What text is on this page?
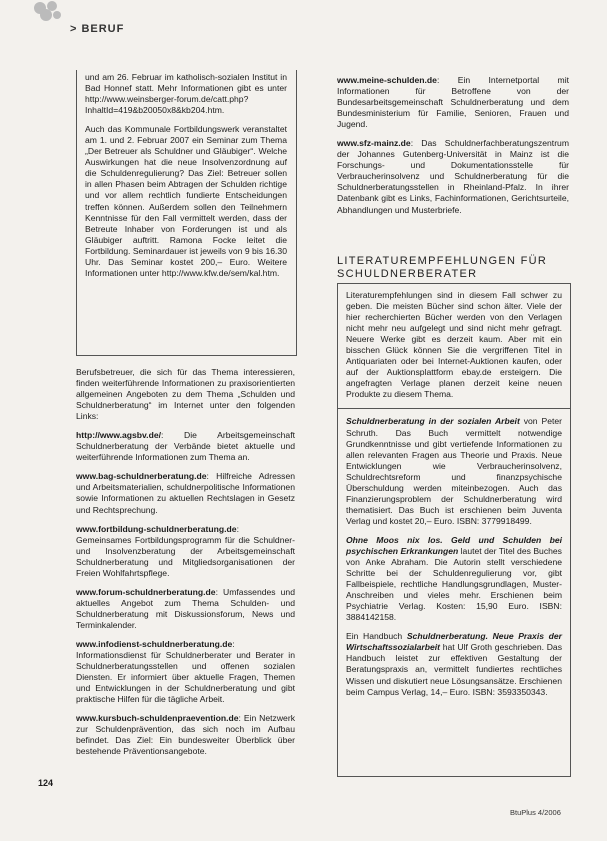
> BERUF

und am 26. Februar im katholisch-sozialen Institut in Bad Honnef statt. Mehr Informationen gibt es unter http://www.weinsberger-forum.de/catt.php?InhaltId=419&b20050x8&kb204.htm.

Auch das Kommunale Fortbildungswerk veranstaltet am 1. und 2. Februar 2007 ein Seminar zum Thema „Der Betreuer als Schuldner und Gläubiger“. Welche Auswirkungen hat die neue Insolvenzordnung auf die Schuldenregulierung? Das Ziel: Betreuer sollen in allen Phasen beim Abtragen der Schulden richtige und vor allem rechtlich fundierte Entscheidungen treffen können. Außerdem sollen den Teilnehmern Kenntnisse für den Fall vermittelt werden, dass der Betreute Inhaber von Forderungen ist und als Gläubiger auftritt. Ramona Focke leitet die Fortbildung. Seminardauer ist jeweils von 9 bis 16.30 Uhr. Das Seminar kostet 200,– Euro. Weitere Informationen unter http://www.kfw.de/sem/kal.htm.

Berufsbetreuer, die sich für das Thema interessieren, finden weiterführende Informationen zu praxisorientierten allgemeinen Angeboten zu dem Thema „Schulden und Schuldnerberatung“ im Internet unter den folgenden Links:

http://www.agsbv.de/: Die Arbeitsgemeinschaft Schuldnerberatung der Verbände bietet aktuelle und weiterführende Informationen zum Thema an.

www.bag-schuldnerberatung.de: Hilfreiche Adressen und Arbeitsmaterialien, schuldnerpolitische Informationen sowie Informationen zu aktuellen Rechtslagen in Gesetz und Rechtsprechung.

www.fortbildung-schuldnerberatung.de: Gemeinsames Fortbildungsprogramm für die Schuldner- und Insolvenzberatung der Arbeitsgemeinschaft Schuldnerberatung und Mitgliedsorganisationen der Freien Wohlfahrtspflege.

www.forum-schuldnerberatung.de: Umfassendes und aktuelles Angebot zum Thema Schulden- und Schuldnerberatung mit Diskussionsforum, News und Terminkalender.

www.infodienst-schuldnerberatung.de: Informationsdienst für Schuldnerberater und Berater in Schuldnerberatungsstellen und offenen sozialen Diensten. Er informiert über aktuelle Fragen, Themen und Entwicklungen in der Schuldnerberatung und gibt praktische Hilfen für die tägliche Arbeit.

www.kursbuch-schuldenpraevention.de: Ein Netzwerk zur Schuldenprävention, das sich noch im Aufbau befindet. Das Ziel: Ein bundesweiter Überblick über bestehende Präventionsangebote.

www.meine-schulden.de: Ein Internetportal mit Informationen für Betroffene von der Bundesarbeitsgemeinschaft Schuldnerberatung und dem Bundesministerium für Familie, Senioren, Frauen und Jugend.

www.sfz-mainz.de: Das Schuldnerfachberatungszentrum der Johannes Gutenberg-Universität in Mainz ist die Forschungs- und Dokumentationsstelle für Verbraucherinsolvenz und Schuldnerberatung für die Schuldnerberatungsstellen in Rheinland-Pfalz. In ihrer Datenbank gibt es Links, Fachinformationen, Gerichtsurteile, Abhandlungen und Musterbriefe.

LITERATUREMPFEHLUNGEN FÜR SCHULDNERBERATER

Literaturempfehlungen sind in diesem Fall schwer zu geben. Die meisten Bücher sind schon älter. Viele der hier recherchierten Bücher werden von den Verlagen nicht mehr neu aufgelegt und sind nicht mehr gefragt. Neuere Werke gibt es derzeit kaum. Aber mit ein bisschen Glück können Sie die vergriffenen Titel in Antiquariaten oder bei Internet-Auktionen kaufen, oder auf der Auktionsplattform ebay.de ersteigern. Die angefragten Verlage planen derzeit keine neuen Produkte zu diesem Thema.

Schuldnerberatung in der sozialen Arbeit von Peter Schruth. Das Buch vermittelt notwendige Grundkenntnisse und gibt vertiefende Informationen zu allen relevanten Fragen aus Theorie und Praxis. Neue Entwicklungen wie Verbraucherinsolvenz, Schuldrechtsreform und finanzpsychische Überschuldung werden miteinbezogen. Auch das Finanzierungsproblem der Schuldnerberatung wird thematisiert. Das Buch ist erschienen beim Juventa Verlag und kostet 20,– Euro. ISBN: 3779918499.

Ohne Moos nix los. Geld und Schulden bei psychischen Erkrankungen lautet der Titel des Buches von Anke Abraham. Die Autorin stellt verschiedene Schritte bei der Schuldenregulierung vor, gibt Fallbeispiele, rechtliche Handlungsgrundlagen, Muster-Anschreiben und vieles mehr. Erschienen beim Psychiatrie Verlag. Kosten: 15,90 Euro. ISBN: 3884142158.

Ein Handbuch Schuldnerberatung. Neue Praxis der Wirtschaftssozialarbeit hat Ulf Groth geschrieben. Das Handbuch leistet zur effektiven Gestaltung der Beratungspraxis an, vermittelt fundiertes rechtliches Wissen und diskutiert neue Lösungsansätze. Erschienen beim Campus Verlag, 14,– Euro. ISBN: 3593350343.

124
BtuPlus 4/2006
